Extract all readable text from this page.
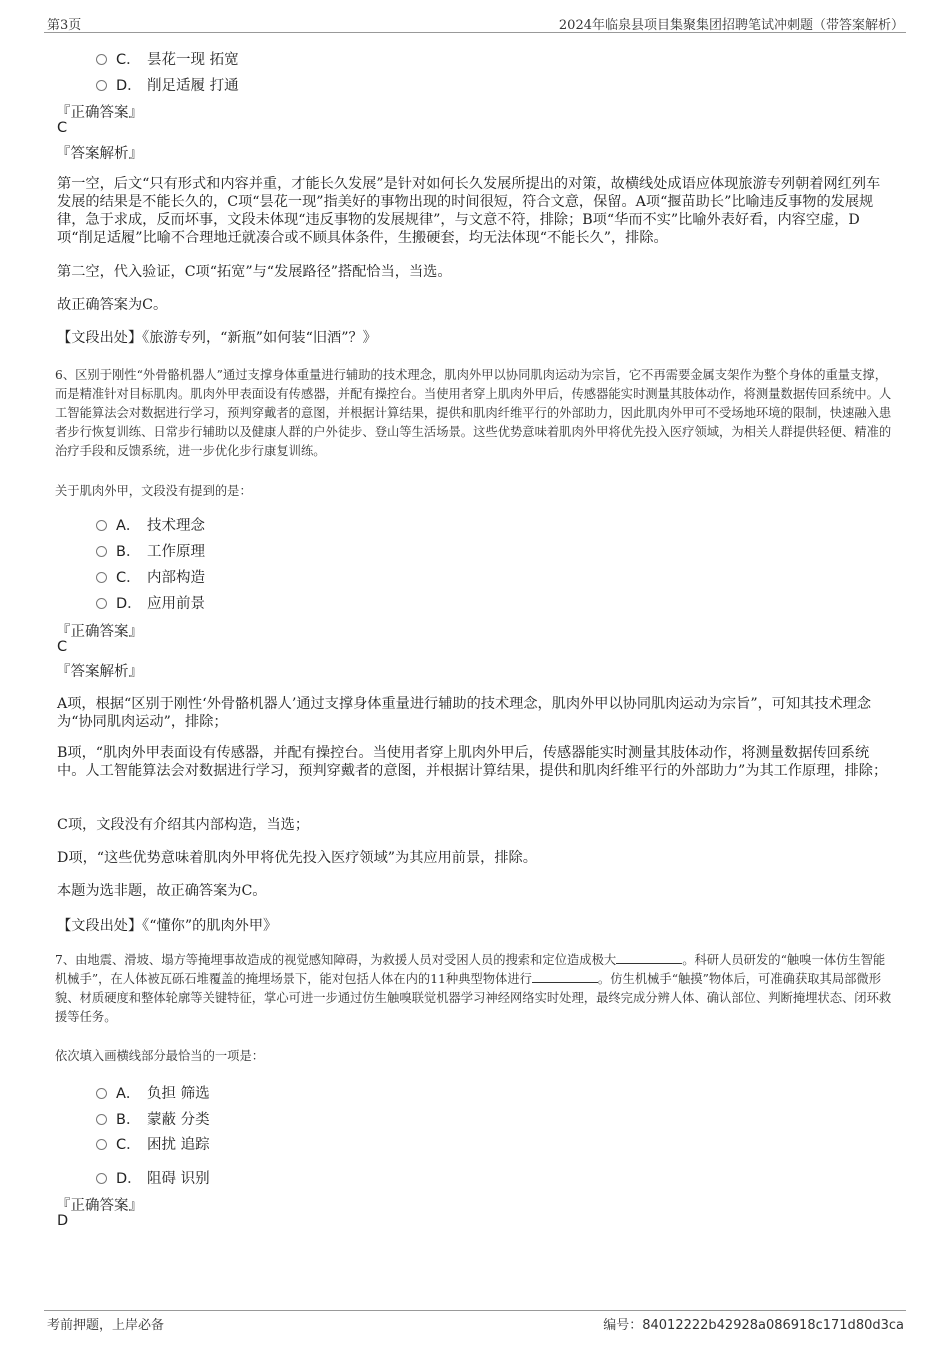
第3页	2024年临泉县项目集聚集团招聘笔试冲刺题（带答案解析）
C． 昙花一现 拓宽
D． 削足适履 打通
『正确答案』
C
『答案解析』
第一空，后文“只有形式和内容并重，才能长久发展”是针对如何长久发展所提出的对策，故横线处成语应体现旅游专列朝着网红列车发展的结果是不能长久的，C项“昙花一现”指美好的事物出现的时间很短，符合文意，保留。A项“揠苗助长”比喻违反事物的发展规律，急于求成，反而坏事，文段未体现“违反事物的发展规律”，与文意不符，排除；B项“华而不实”比喻外表好看，内容空虚，D项“削足适履”比喻不合理地迁就凑合或不顾具体条件，生搬硬套，均无法体现“不能长久”，排除。
第二空，代入验证，C项“拓宽”与“发展路径”搭配恰当，当选。
故正确答案为C。
【文段出处】《旅游专列，“新瓶”如何装“旧酒”？》
6、区别于刚性“外骨骼机器人”通过支撑身体重量进行辅助的技术理念，肌肉外甲以协同肌肉运动为宗旨，它不再需要金属支架作为整个身体的重量支撑，而是精准针对目标肌肉。肌肉外甲表面设有传感器，并配有操控台。当使用者穿上肌肉外甲后，传感器能实时测量其肢体动作，将测量数据传回系统中。人工智能算法会对数据进行学习，预判穿戴者的意图，并根据计算结果，提供和肌肉纤维平行的外部助力，因此肌肉外甲可不受场地环境的限制，快速融入患者步行恢复训练、日常步行辅助以及健康人群的户外徒步、登山等生活场景。这些优势意味着肌肉外甲将优先投入医疗领域，为相关人群提供轻便、精准的治疗手段和反馈系统，进一步优化步行康复训练。
关于肌肉外甲，文段没有提到的是：
A． 技术理念
B． 工作原理
C． 内部构造
D． 应用前景
『正确答案』
C
『答案解析』
A项，根据“区别于刚性‘外骨骼机器人’通过支撑身体重量进行辅助的技术理念，肌肉外甲以协同肌肉运动为宗旨”，可知其技术理念为“协同肌肉运动”，排除；
B项，“肌肉外甲表面设有传感器，并配有操控台。当使用者穿上肌肉外甲后，传感器能实时测量其肢体动作，将测量数据传回系统中。人工智能算法会对数据进行学习，预判穿戴者的意图，并根据计算结果，提供和肌肉纤维平行的外部助力”为其工作原理，排除；
C项，文段没有介绍其内部构造，当选；
D项，“这些优势意味着肌肉外甲将优先投入医疗领域”为其应用前景，排除。
本题为选非题，故正确答案为C。
【文段出处】《“懂你”的肌肉外甲》
7、由地震、滑坡、塌方等掩埋事故造成的视觉感知障碍，为救援人员对受困人员的搜索和定位造成极大	。科研人员研发的“触嗅一体仿生智能机械手”，在人体被瓦砾石堆覆盖的掩埋场景下，能对包括人体在内的11种典型物体进行	。仿生机械手“触摸”物体后，可准确获取其局部微形貌、材质硬度和整体轮廓等关键特征，掌心可进一步通过仿生触嗅联觉机器学习神经网络实时处理，最终完成分辨人体、确认部位、判断掩埋状态、闭环救援等任务。
依次填入画横线部分最恰当的一项是：
A． 负担 筛选
B． 蒙蔽 分类
C． 困扰 追踪
D． 阻碍 识别
『正确答案』
D
考前押题，上岸必备	编号：84012222b42928a086918c171d80d3ca
